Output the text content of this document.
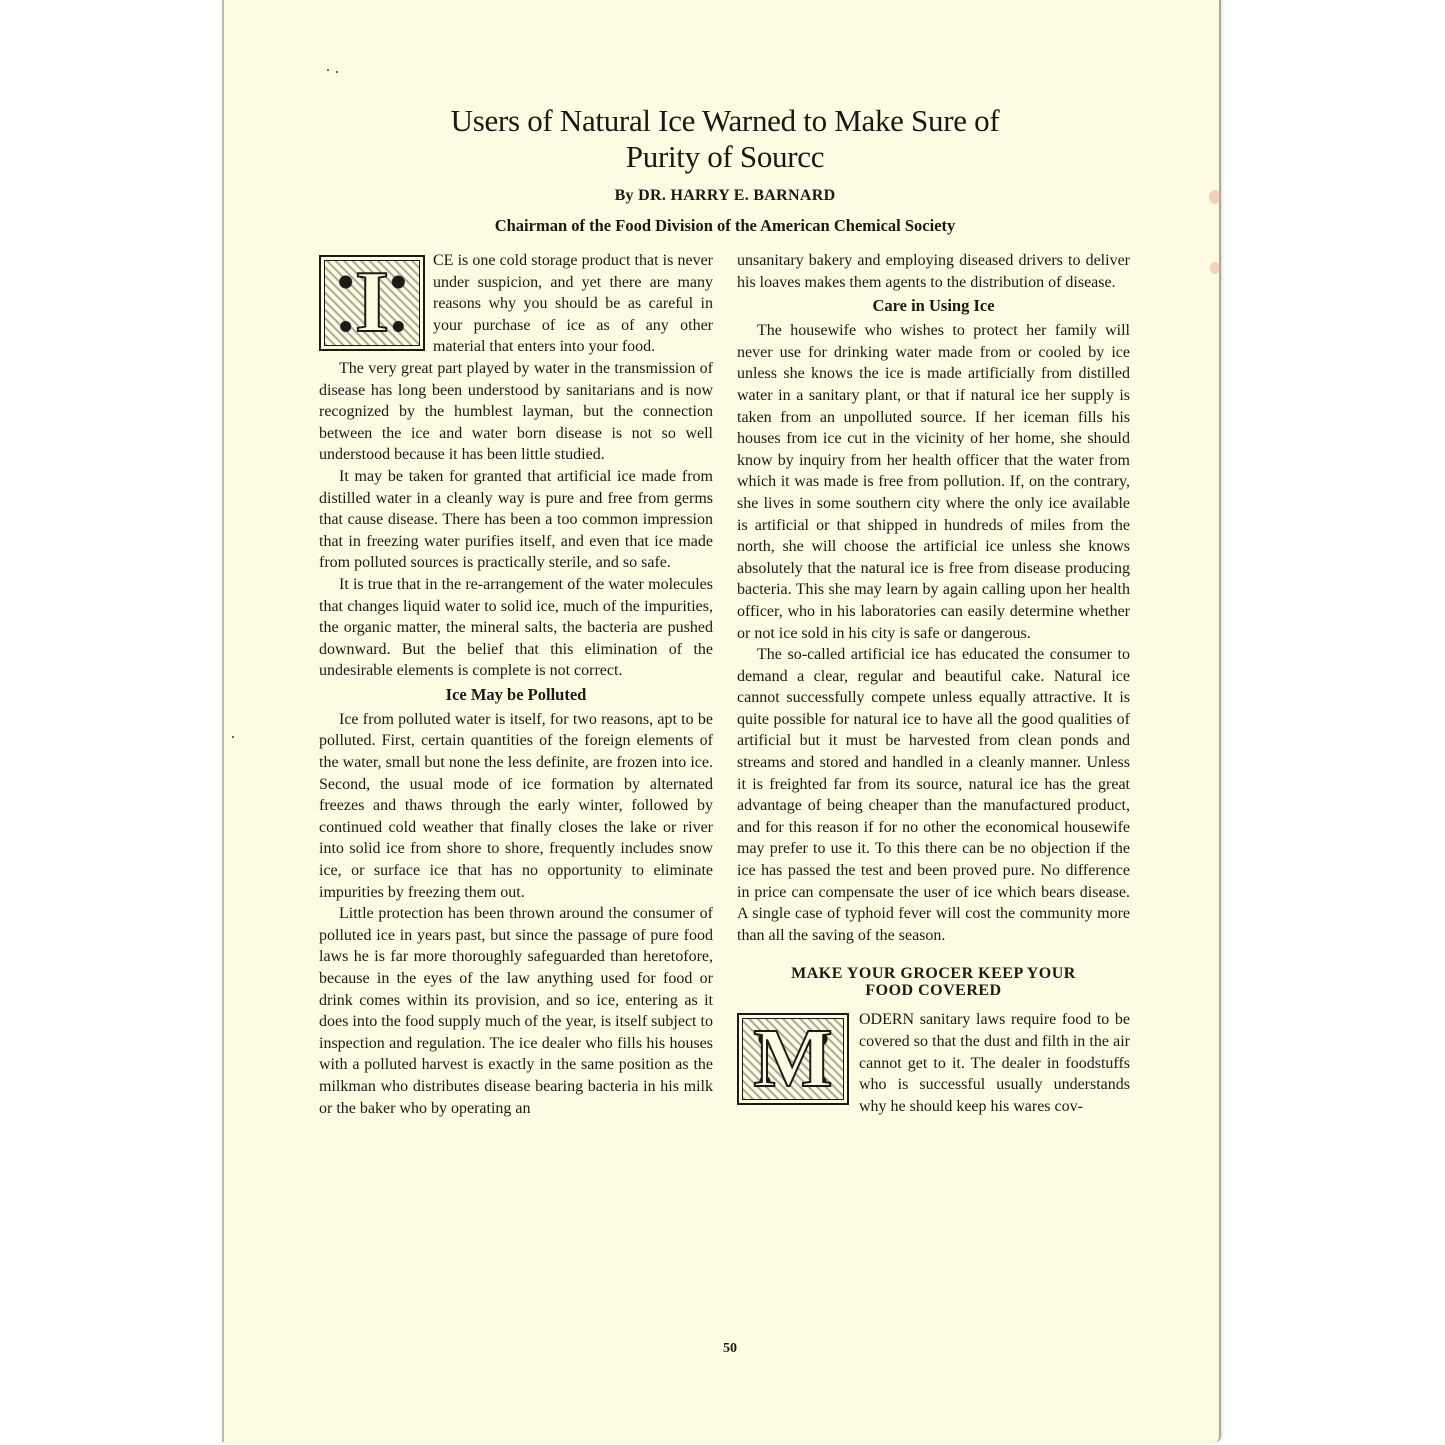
Users of Natural Ice Warned to Make Sure of
Purity of Sourcc
By DR. HARRY E. BARNARD
Chairman of the Food Division of the American Chemical Society

I	CE is one cold storage product that is never under suspicion, and yet there are many reasons why you should be as careful in your purchase of ice as of any other material that enters into your food.

The very great part played by water in the transmission of disease has long been understood by sanitarians and is now recognized by the humblest layman, but the connection between the ice and water born disease is not so well understood because it has been little studied.

It may be taken for granted that artificial ice made from distilled water in a cleanly way is pure and free from germs that cause disease. There has been a too common impression that in freezing water purifies itself, and even that ice made from polluted sources is practically sterile, and so safe.

It is true that in the re-arrangement of the water molecules that changes liquid water to solid ice, much of the impurities, the organic matter, the mineral salts, the bacteria are pushed downward. But the belief that this elimination of the undesirable elements is complete is not correct.

Ice May be Polluted

Ice from polluted water is itself, for two reasons, apt to be polluted. First, certain quantities of the foreign elements of the water, small but none the less definite, are frozen into ice. Second, the usual mode of ice formation by alternated freezes and thaws through the early winter, followed by continued cold weather that finally closes the lake or river into solid ice from shore to shore, frequently includes snow ice, or surface ice that has no opportunity to eliminate impurities by freezing them out.

Little protection has been thrown around the consumer of polluted ice in years past, but since the passage of pure food laws he is far more thoroughly safeguarded than heretofore, because in the eyes of the law anything used for food or drink comes within its provision, and so ice, entering as it does into the food supply much of the year, is itself subject to inspection and regulation. The ice dealer who fills his houses with a polluted harvest is exactly in the same position as the milkman who distributes disease bearing bacteria in his milk or the baker who by operating an

unsanitary bakery and employing diseased drivers to deliver his loaves makes them agents to the distribution of disease.

Care in Using Ice

The housewife who wishes to protect her family will never use for drinking water made from or cooled by ice unless she knows the ice is made artificially from distilled water in a sanitary plant, or that if natural ice her supply is taken from an unpolluted source. If her iceman fills his houses from ice cut in the vicinity of her home, she should know by inquiry from her health officer that the water from which it was made is free from pollution. If, on the contrary, she lives in some southern city where the only ice available is artificial or that shipped in hundreds of miles from the north, she will choose the artificial ice unless she knows absolutely that the natural ice is free from disease producing bacteria. This she may learn by again calling upon her health officer, who in his laboratories can easily determine whether or not ice sold in his city is safe or dangerous.

The so-called artificial ice has educated the consumer to demand a clear, regular and beautiful cake. Natural ice cannot successfully compete unless equally attractive. It is quite possible for natural ice to have all the good qualities of artificial but it must be harvested from clean ponds and streams and stored and handled in a cleanly manner. Unless it is freighted far from its source, natural ice has the great advantage of being cheaper than the manufactured product, and for this reason if for no other the economical housewife may prefer to use it. To this there can be no objection if the ice has passed the test and been proved pure. No difference in price can compensate the user of ice which bears disease. A single case of typhoid fever will cost the community more than all the saving of the season.

MAKE YOUR GROCER KEEP YOUR
FOOD COVERED

M ODERN sanitary laws require food to be covered so that the dust and filth in the air cannot get to it. The dealer in foodstuffs who is successful usually understands why he should keep his wares cov-

50
